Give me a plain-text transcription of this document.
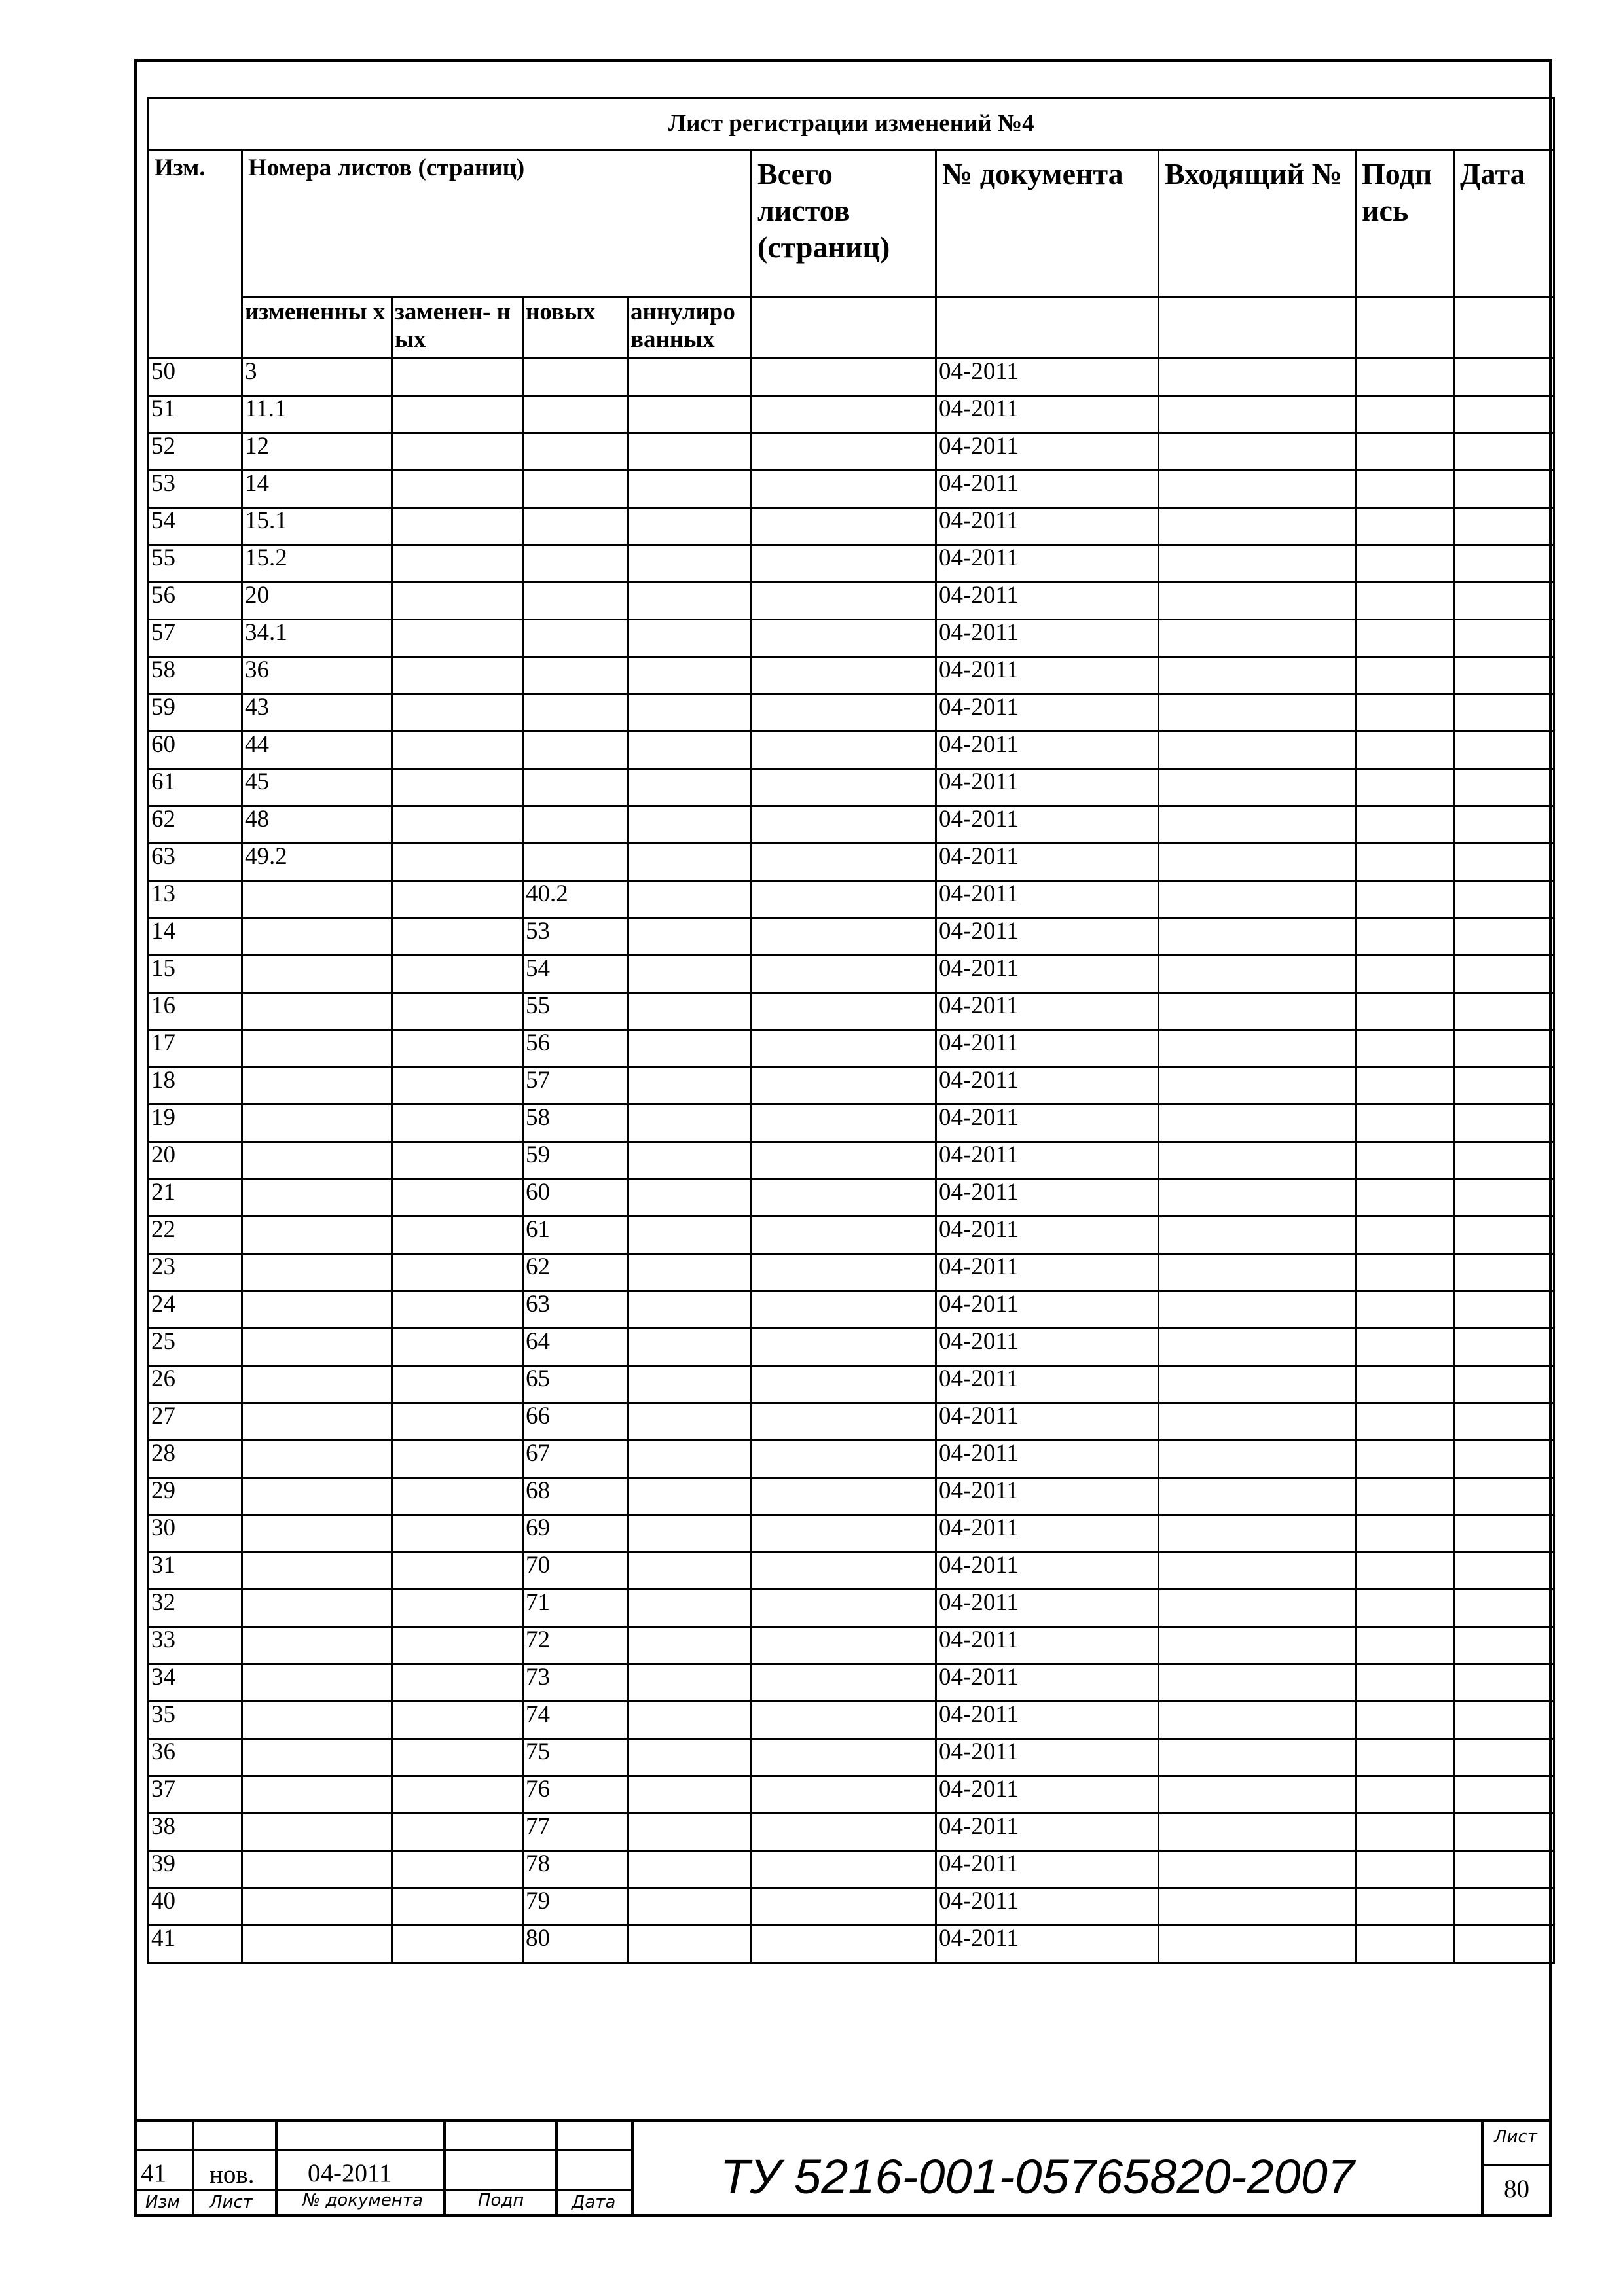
Лист регистрации изменений №4									
Изм.	Номера листов (страниц)				Всего листов (страниц)	№ документа	Входящий №	Подп ись	Дата
	измененны х	заменен- ных	новых	аннулиро ванных					
50	3					04-2011			
51	11.1					04-2011			
52	12					04-2011			
53	14					04-2011			
54	15.1					04-2011			
55	15.2					04-2011			
56	20					04-2011			
57	34.1					04-2011			
58	36					04-2011			
59	43					04-2011			
60	44					04-2011			
61	45					04-2011			
62	48					04-2011			
63	49.2					04-2011			
13			40.2			04-2011			
14			53			04-2011			
15			54			04-2011			
16			55			04-2011			
17			56			04-2011			
18			57			04-2011			
19			58			04-2011			
20			59			04-2011			
21			60			04-2011			
22			61			04-2011			
23			62			04-2011			
24			63			04-2011			
25			64			04-2011			
26			65			04-2011			
27			66			04-2011			
28			67			04-2011			
29			68			04-2011			
30			69			04-2011			
31			70			04-2011			
32			71			04-2011			
33			72			04-2011			
34			73			04-2011			
35			74			04-2011			
36			75			04-2011			
37			76			04-2011			
38			77			04-2011			
39			78			04-2011			
40			79			04-2011			
41			80			04-2011			
41 нов. 04-2011
Изм Лист	№ документа	Подп	Дата ТУ 5216-001-05765820-2007
Лист
80
